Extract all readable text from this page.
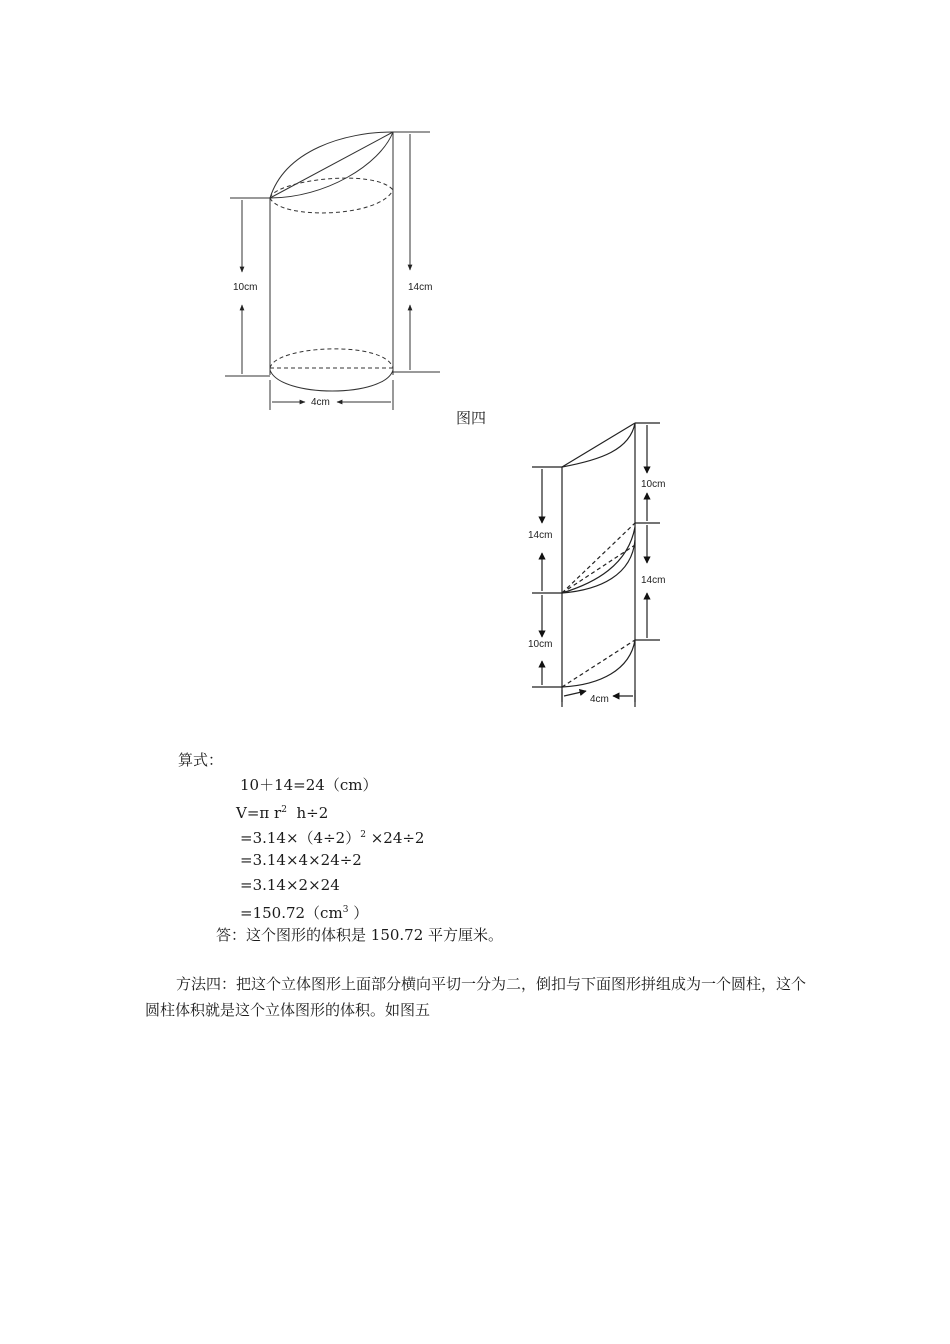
10cm	14cm
4cm
图四
10cm
14cm
14cm
10cm
4cm
算式：
10＋14=24（cm）
V=π $r^2$  h÷2
$=3.14\times(4\div 2)^2 \times 24\div 2$
=3.14×4×24÷2
=3.14×2×24
$=150.72(cm^3$ ）
答：这个图形的体积是 150.72 平方厘米。
方法四：把这个立体图形上面部分横向平切一分为二，倒扣与下面图形拼组成为一个圆柱，这个圆柱体积就是这个立体图形的体积。如图五
